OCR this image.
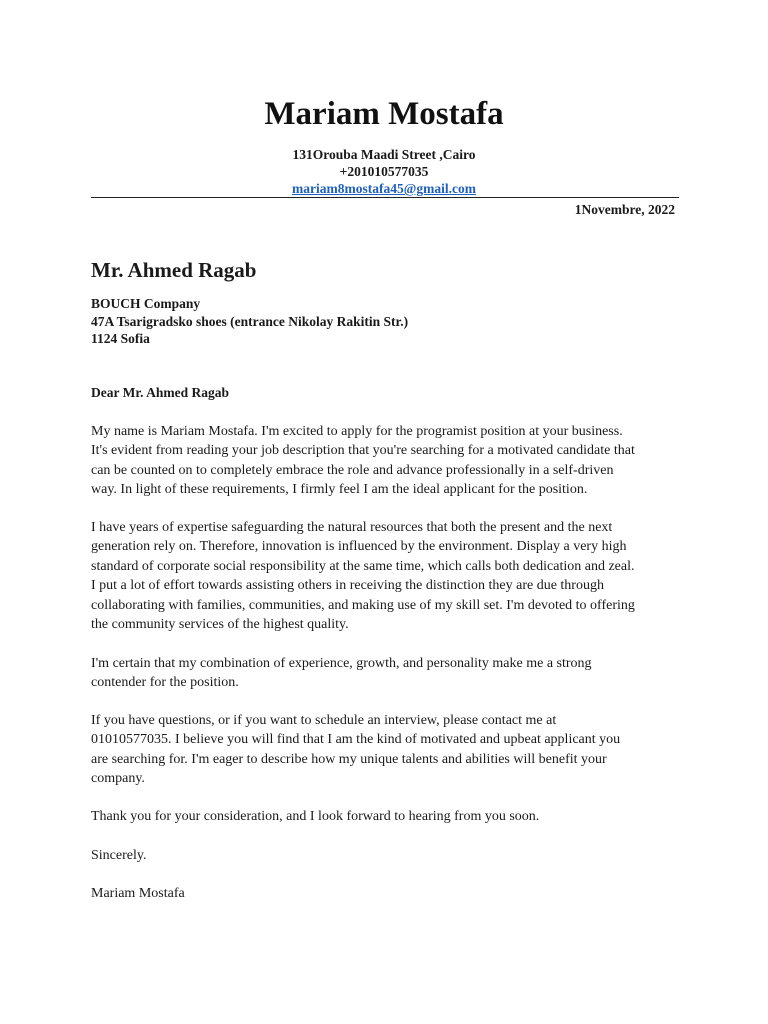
Mariam Mostafa
131Orouba Maadi Street ,Cairo
+201010577035
mariam8mostafa45@gmail.com
1Novembre, 2022
Mr. Ahmed Ragab
BOUCH Company
47A Tsarigradsko shoes (entrance Nikolay Rakitin Str.)
1124 Sofia
Dear Mr. Ahmed Ragab
My name is Mariam Mostafa. I'm excited to apply for the programist position at your business.
It's evident from reading your job description that you're searching for a motivated candidate that
can be counted on to completely embrace the role and advance professionally in a self-driven
way. In light of these requirements, I firmly feel I am the ideal applicant for the position.
I have years of expertise safeguarding the natural resources that both the present and the next
generation rely on. Therefore, innovation is influenced by the environment. Display a very high
standard of corporate social responsibility at the same time, which calls both dedication and zeal.
I put a lot of effort towards assisting others in receiving the distinction they are due through
collaborating with families, communities, and making use of my skill set. I'm devoted to offering
the community services of the highest quality.
I'm certain that my combination of experience, growth, and personality make me a strong
contender for the position.
If you have questions, or if you want to schedule an interview, please contact me at
01010577035. I believe you will find that I am the kind of motivated and upbeat applicant you
are searching for. I'm eager to describe how my unique talents and abilities will benefit your
company.
Thank you for your consideration, and I look forward to hearing from you soon.
Sincerely.
Mariam Mostafa
